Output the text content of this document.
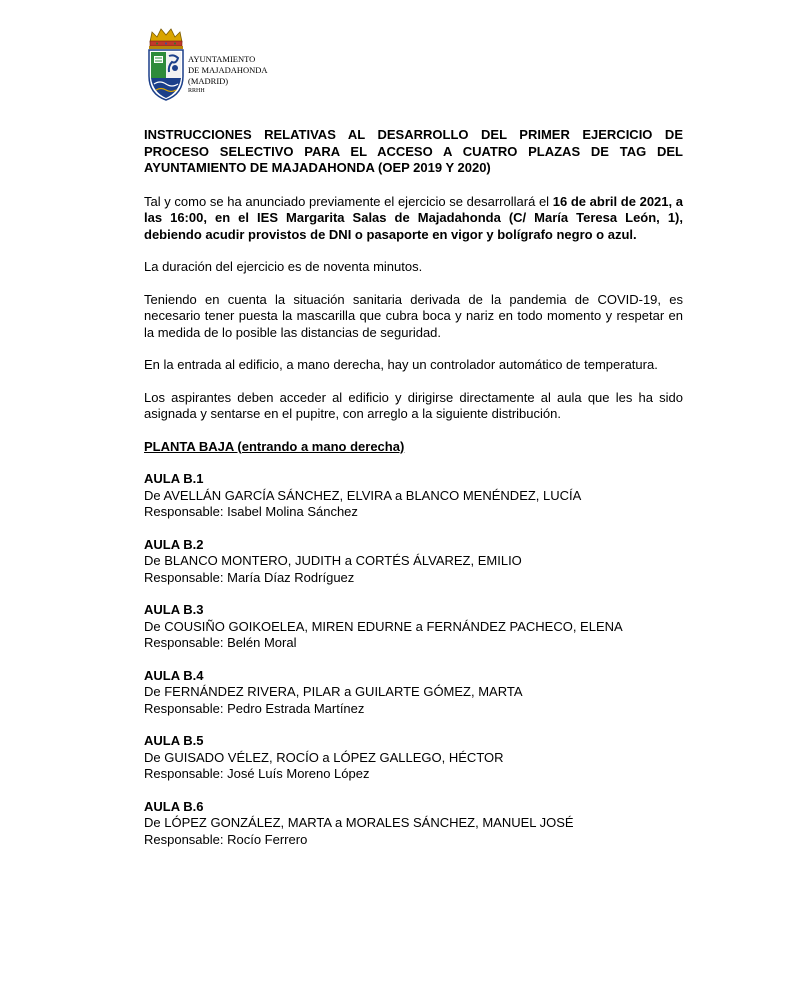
AYUNTAMIENTO
DE MAJADAHONDA
(MADRID)
RRHH
INSTRUCCIONES RELATIVAS AL DESARROLLO DEL PRIMER EJERCICIO DE PROCESO SELECTIVO PARA EL ACCESO A CUATRO PLAZAS DE TAG DEL AYUNTAMIENTO DE MAJADAHONDA (OEP 2019 Y 2020)

Tal y como se ha anunciado previamente el ejercicio se desarrollará el 16 de abril de 2021, a las 16:00, en el IES Margarita Salas de Majadahonda (C/ María Teresa León, 1), debiendo acudir provistos de DNI o pasaporte en vigor y bolígrafo negro o azul.

La duración del ejercicio es de noventa minutos.

Teniendo en cuenta la situación sanitaria derivada de la pandemia de COVID-19, es necesario tener puesta la mascarilla que cubra boca y nariz en todo momento y respetar en la medida de lo posible las distancias de seguridad.

En la entrada al edificio, a mano derecha, hay un controlador automático de temperatura.

Los aspirantes deben acceder al edificio y dirigirse directamente al aula que les ha sido asignada y sentarse en el pupitre, con arreglo a la siguiente distribución.

PLANTA BAJA (entrando a mano derecha)
AULA B.1
De AVELLÁN GARCÍA SÁNCHEZ, ELVIRA a BLANCO MENÉNDEZ, LUCÍA
Responsable: Isabel Molina Sánchez
AULA B.2
De BLANCO MONTERO, JUDITH a CORTÉS ÁLVAREZ, EMILIO
Responsable: María Díaz Rodríguez
AULA B.3
De COUSIÑO GOIKOELEA, MIREN EDURNE a FERNÁNDEZ PACHECO, ELENA
Responsable: Belén Moral
AULA B.4
De FERNÁNDEZ RIVERA, PILAR a GUILARTE GÓMEZ, MARTA
Responsable: Pedro Estrada Martínez
AULA B.5
De GUISADO VÉLEZ, ROCÍO a LÓPEZ GALLEGO, HÉCTOR
Responsable: José Luís Moreno López
AULA B.6
De LÓPEZ GONZÁLEZ, MARTA a MORALES SÁNCHEZ, MANUEL JOSÉ
Responsable: Rocío Ferrero
